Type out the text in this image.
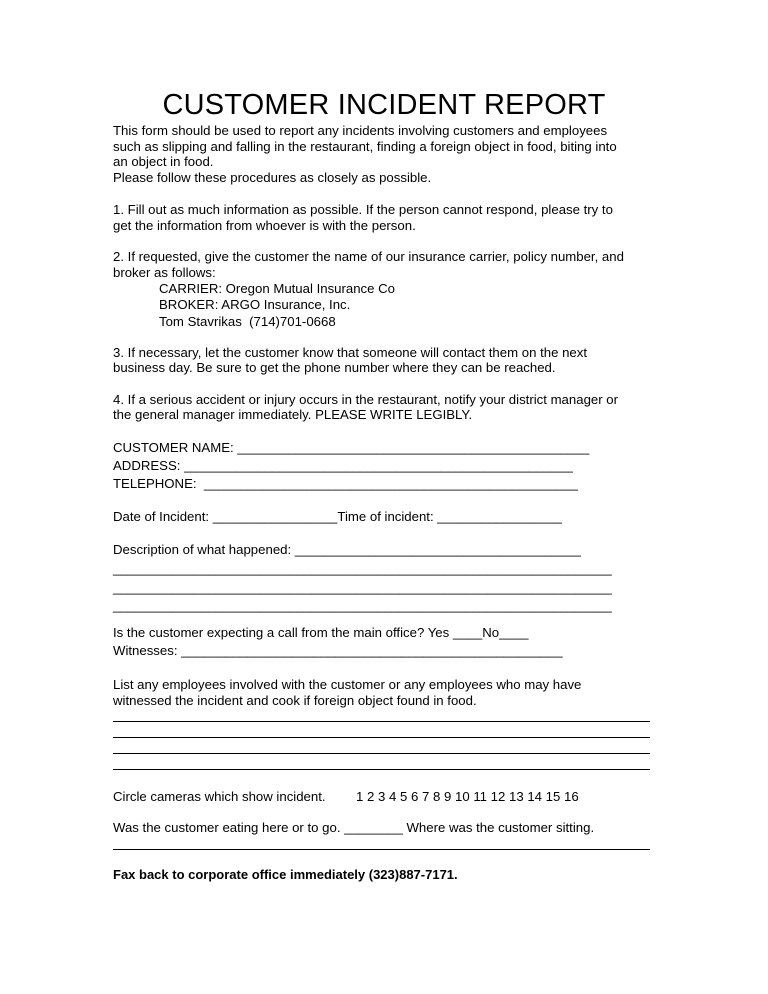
CUSTOMER INCIDENT REPORT
This form should be used to report any incidents involving customers and employees
such as slipping and falling in the restaurant, finding a foreign object in food, biting into
an object in food.
Please follow these procedures as closely as possible.
1. Fill out as much information as possible. If the person cannot respond, please try to
get the information from whoever is with the person.
2. If requested, give the customer the name of our insurance carrier, policy number, and
broker as follows:
CARRIER: Oregon Mutual Insurance Co
BROKER: ARGO Insurance, Inc.
Tom Stavrikas  (714)701-0668
3. If necessary, let the customer know that someone will contact them on the next
business day. Be sure to get the phone number where they can be reached.
4. If a serious accident or injury occurs in the restaurant, notify your district manager or
the general manager immediately. PLEASE WRITE LEGIBLY.
CUSTOMER NAME: ________________________________________________
ADDRESS: _____________________________________________________
TELEPHONE:  ___________________________________________________
Date of Incident: _________________Time of incident: _________________
Description of what happened: _______________________________________
____________________________________________________________________
____________________________________________________________________
____________________________________________________________________
Is the customer expecting a call from the main office? Yes ____No____
Witnesses: ____________________________________________________
List any employees involved with the customer or any employees who may have
witnessed the incident and cook if foreign object found in food.
Circle cameras which show incident. 1 2 3 4 5 6 7 8 9 10 11 12 13 14 15 16
Was the customer eating here or to go. ________ Where was the customer sitting.
Fax back to corporate office immediately (323)887-7171.
